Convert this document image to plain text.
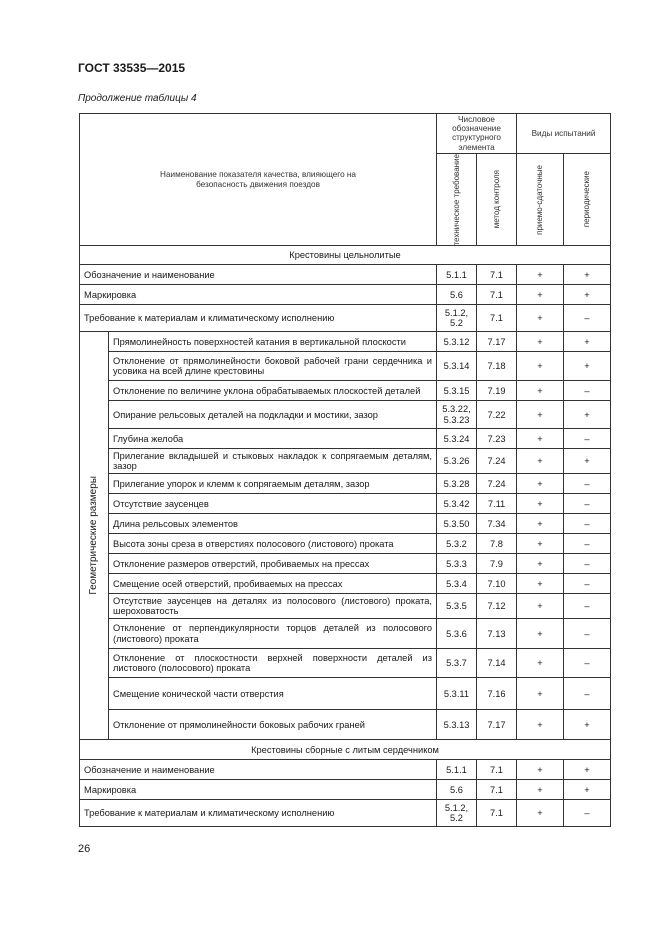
ГОСТ 33535—2015
Продолжение таблицы 4
Наименование показателя качества, влияющего на безопасность движения поездов		Числовое обозначение структурного элемента		Виды испытаний	

		техническое требование	метод контроля	приемо-сдаточные	периодические

Крестовины цельнолитые					
Обозначение и наименование		5.1.1	7.1	+	+
Маркировка		5.6	7.1	+	+
Требование к материалам и климатическому исполнению		5.1.2, 5.2	7.1	+	–

Геометрические размеры	Прямолинейность поверхностей катания в вертикальной плоскости	5.3.12	7.17	+	+
	Отклонение от прямолинейности боковой рабочей грани сердечника и усовика на всей длине крестовины	5.3.14	7.18	+	+
	Отклонение по величине уклона обрабатываемых плоскостей деталей	5.3.15	7.19	+	–
	Опирание рельсовых деталей на подкладки и мостики, зазор	5.3.22, 5.3.23	7.22	+	+
	Глубина желоба	5.3.24	7.23	+	–
	Прилегание вкладышей и стыковых накладок к сопрягаемым деталям, зазор	5.3.26	7.24	+	+
	Прилегание упорок и клемм к сопрягаемым деталям, зазор	5.3.28	7.24	+	–
	Отсутствие заусенцев	5.3.42	7.11	+	–
	Длина рельсовых элементов	5.3.50	7.34	+	–
	Высота зоны среза в отверстиях полосового (листового) проката	5.3.2	7.8	+	–
	Отклонение размеров отверстий, пробиваемых на прессах	5.3.3	7.9	+	–
	Смещение осей отверстий, пробиваемых на прессах	5.3.4	7.10	+	–
	Отсутствие заусенцев на деталях из полосового (листового) проката, шероховатость	5.3.5	7.12	+	–
	Отклонение от перпендикулярности торцов деталей из полосового (листового) проката	5.3.6	7.13	+	–
	Отклонение от плоскостности верхней поверхности деталей из листового (полосового) проката	5.3.7	7.14	+	–
	Смещение конической части отверстия	5.3.11	7.16	+	–
	Отклонение от прямолинейности боковых рабочих граней	5.3.13	7.17	+	+
Крестовины сборные с литым сердечником					
Обозначение и наименование		5.1.1	7.1	+	+
Маркировка		5.6	7.1	+	+
Требование к материалам и климатическому исполнению		5.1.2, 5.2	7.1	+	–
26
